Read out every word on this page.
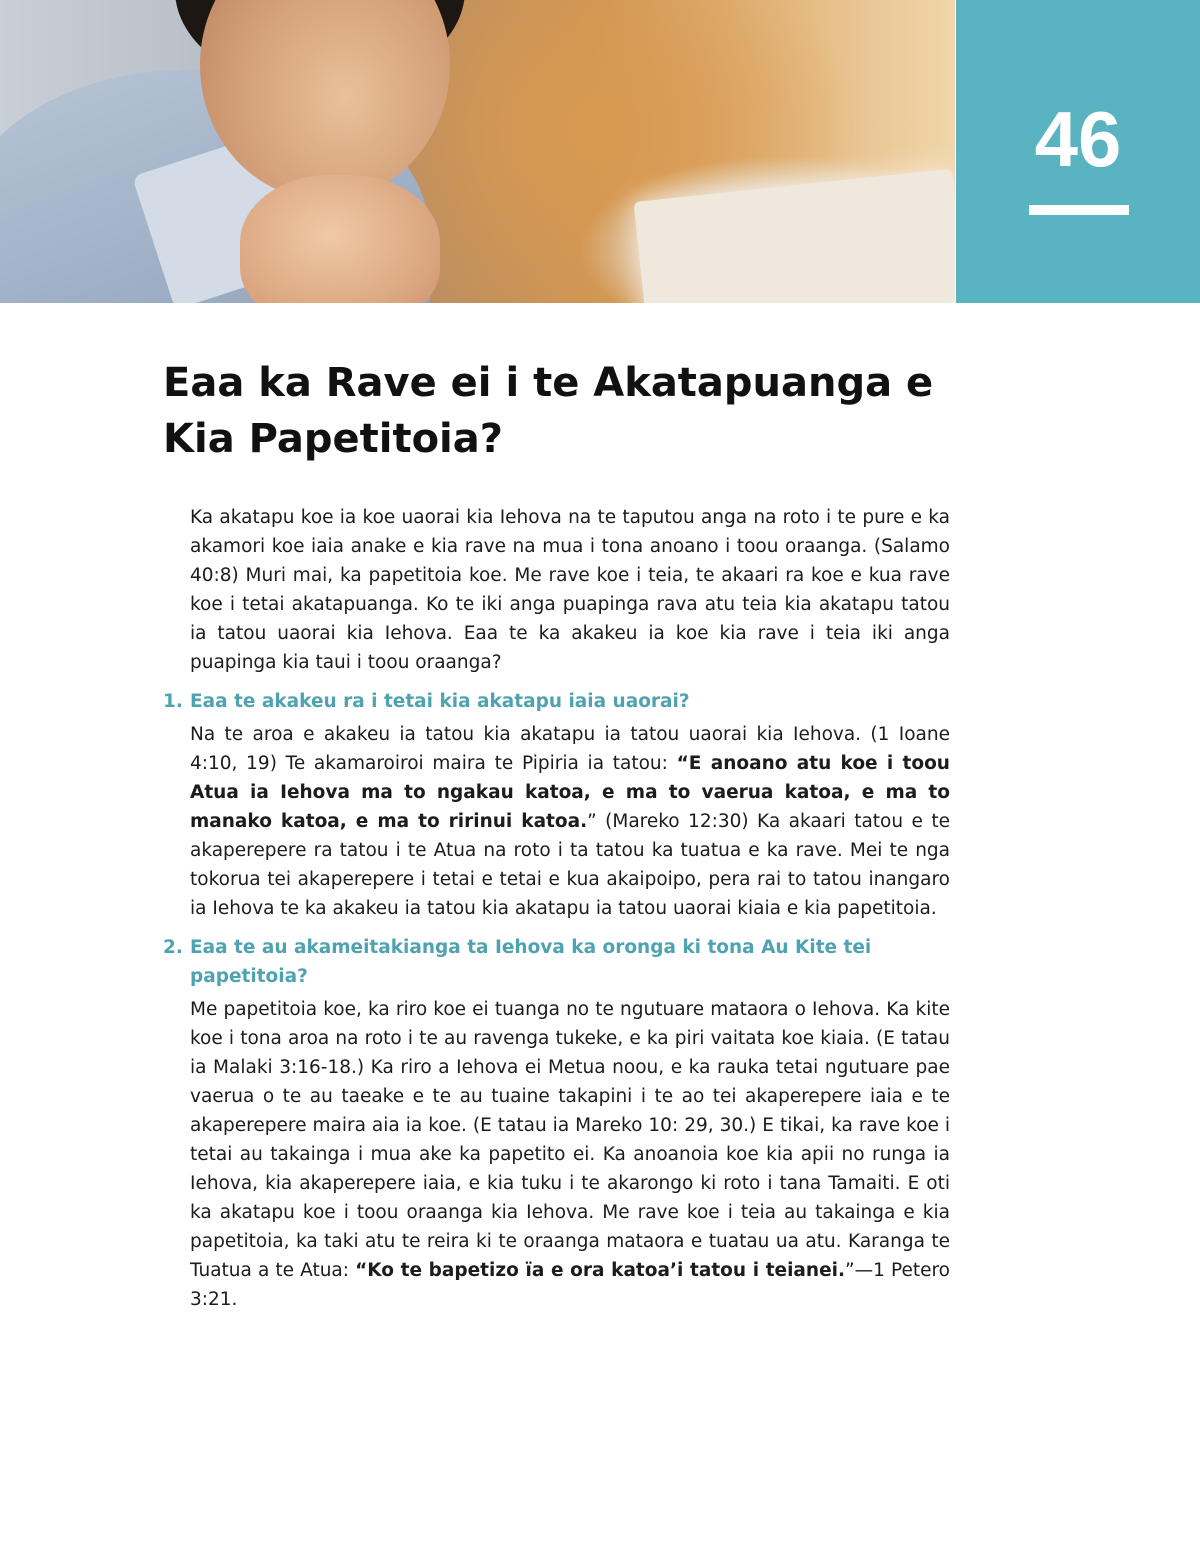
46
Eaa ka Rave ei i te Akatapuanga e Kia Papetitoia?

Ka akatapu koe ia koe uaorai kia Iehova na te taputou anga na roto i te pure e ka akamori koe iaia anake e kia rave na mua i tona anoano i toou oraanga. (Salamo 40:8) Muri mai, ka papetitoia koe. Me rave koe i teia, te akaari ra koe e kua rave koe i tetai akatapuanga. Ko te iki anga puapinga rava atu teia kia akatapu tatou ia tatou uaorai kia Iehova. Eaa te ka akakeu ia koe kia rave i teia iki anga puapinga kia taui i toou oraanga?

1. Eaa te akakeu ra i tetai kia akatapu iaia uaorai?

Na te aroa e akakeu ia tatou kia akatapu ia tatou uaorai kia Iehova. (1 Ioane 4:10, 19) Te akamaroiroi maira te Pipiria ia tatou: “E anoano atu koe i toou Atua ia Iehova ma to ngakau katoa, e ma to vaerua katoa, e ma to manako katoa, e ma to ririnui katoa.” (Mareko 12:30) Ka akaari tatou e te akaperepere ra tatou i te Atua na roto i ta tatou ka tuatua e ka rave. Mei te nga tokorua tei akaperepere i tetai e tetai e kua akaipoipo, pera rai to tatou inangaro ia Iehova te ka akakeu ia tatou kia akatapu ia tatou uaorai kiaia e kia papetitoia.

2. Eaa te au akameitakianga ta Iehova ka oronga ki tona Au Kite tei papetitoia?

Me papetitoia koe, ka riro koe ei tuanga no te ngutuare mataora o Iehova. Ka kite koe i tona aroa na roto i te au ravenga tukeke, e ka piri vaitata koe kiaia. (E tatau ia Malaki 3:16-18.) Ka riro a Iehova ei Metua noou, e ka rauka tetai ngutuare pae vaerua o te au taeake e te au tuaine takapini i te ao tei akaperepere iaia e te akaperepere maira aia ia koe. (E tatau ia Mareko 10: 29, 30.) E tikai, ka rave koe i tetai au takainga i mua ake ka papetito ei. Ka anoanoia koe kia apii no runga ia Iehova, kia akaperepere iaia, e kia tuku i te akarongo ki roto i tana Tamaiti. E oti ka akatapu koe i toou oraanga kia Iehova. Me rave koe i teia au takainga e kia papetitoia, ka taki atu te reira ki te oraanga mataora e tuatau ua atu. Karanga te Tuatua a te Atua: “Ko te bapetizo ïa e ora katoa’i tatou i teianei.”—1 Petero 3:21.
